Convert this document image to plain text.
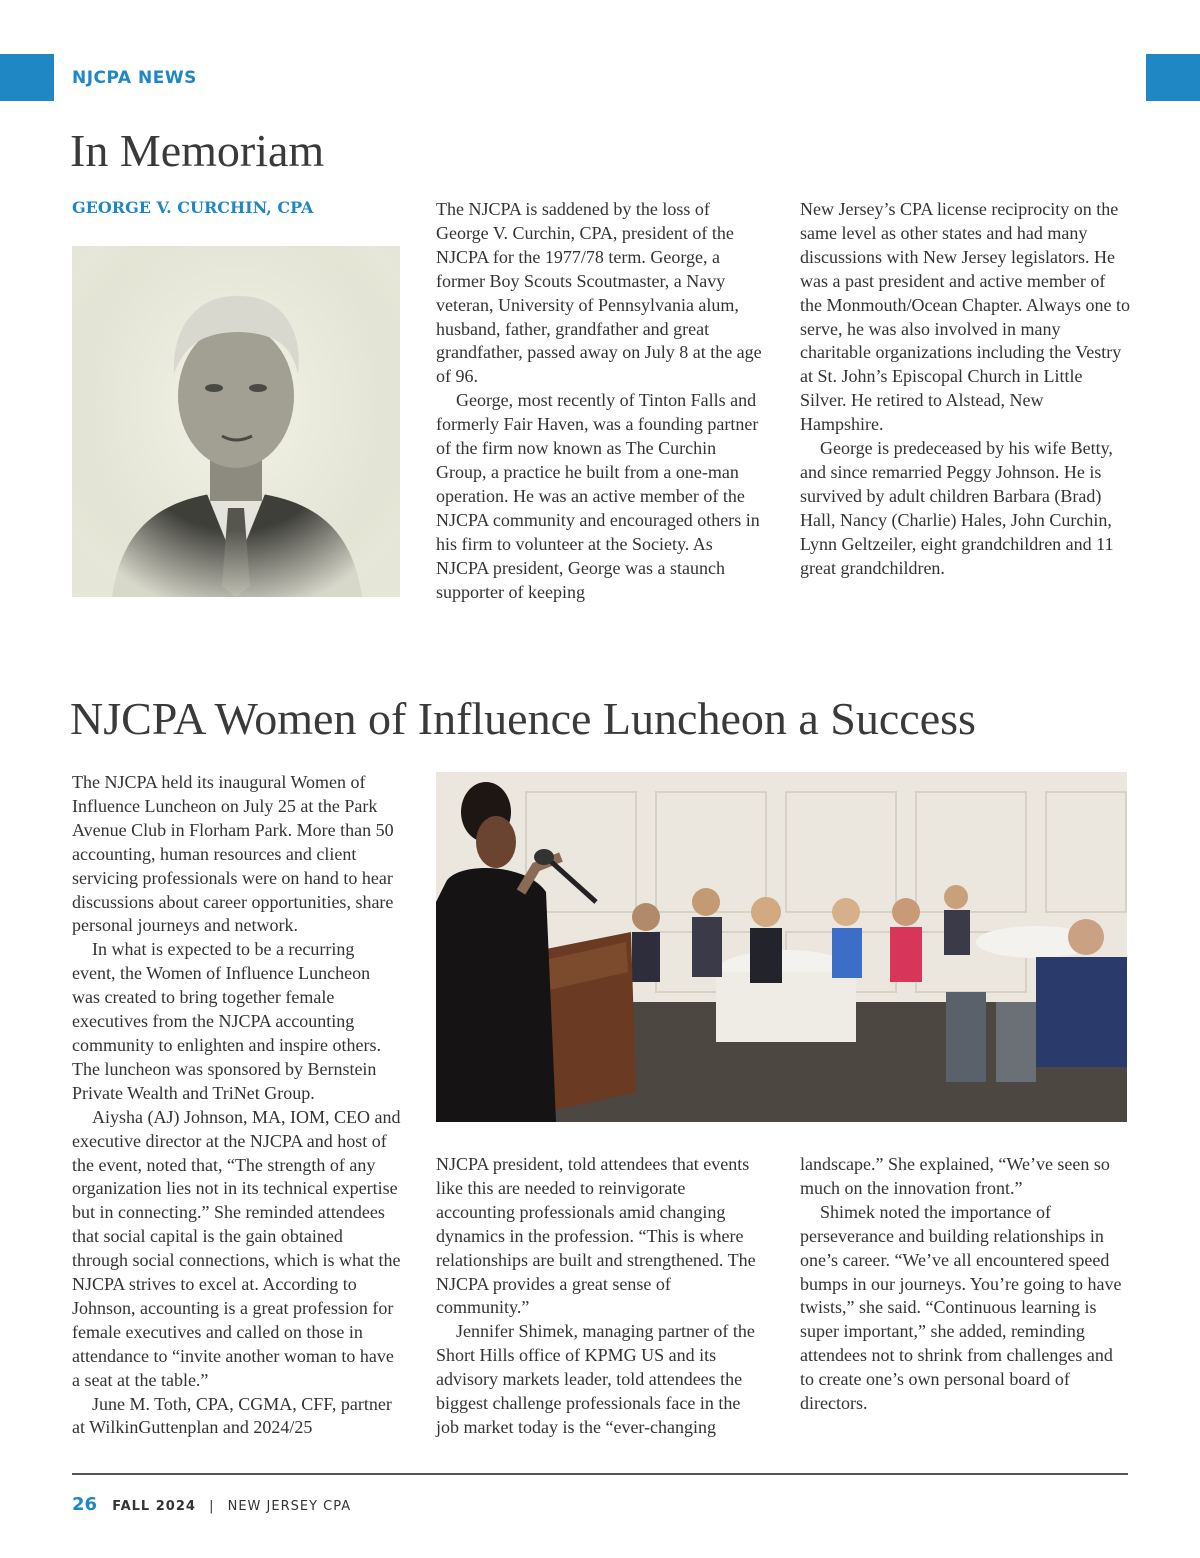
NJCPA NEWS
In Memoriam
GEORGE V. CURCHIN, CPA	The NJCPA is saddened by the loss of George V. Curchin, CPA, president of the NJCPA for the 1977/78 term. George, a former Boy Scouts Scoutmaster, a Navy veteran, University of Pennsylvania alum, husband, father, grandfather and great grandfather, passed away on July 8 at the age of 96.

George, most recently of Tinton Falls and formerly Fair Haven, was a founding partner of the firm now known as The Curchin Group, a practice he built from a one-man operation. He was an active member of the NJCPA community and encouraged others in his firm to volunteer at the Society. As NJCPA president, George was a staunch supporter of keeping

New Jersey’s CPA license reciprocity on the same level as other states and had many discussions with New Jersey legislators. He was a past president and active member of the Monmouth/Ocean Chapter. Always one to serve, he was also involved in many charitable organizations including the Vestry at St. John’s Episcopal Church in Little Silver. He retired to Alstead, New Hampshire.

George is predeceased by his wife Betty, and since remarried Peggy Johnson. He is survived by adult children Barbara (Brad) Hall, Nancy (Charlie) Hales, John Curchin, Lynn Geltzeiler, eight grandchildren and 11 great grandchildren.

NJCPA Women of Influence Luncheon a Success

The NJCPA held its inaugural Women of Influence Luncheon on July 25 at the Park Avenue Club in Florham Park. More than 50 accounting, human resources and client servicing professionals were on hand to hear discussions about career opportunities, share personal journeys and network.

In what is expected to be a recurring event, the Women of Influence Luncheon was created to bring together female executives from the NJCPA accounting community to enlighten and inspire others. The luncheon was sponsored by Bernstein Private Wealth and TriNet Group.

Aiysha (AJ) Johnson, MA, IOM, CEO and executive director at the NJCPA and host of the event, noted that, “The strength of any organization lies not in its technical expertise but in connecting.” She reminded attendees that social capital is the gain obtained through social connections, which is what the NJCPA strives to excel at. According to Johnson, accounting is a great profession for female executives and called on those in attendance to “invite another woman to have a seat at the table.”

June M. Toth, CPA, CGMA, CFF, partner at WilkinGuttenplan and 2024/25

NJCPA president, told attendees that events like this are needed to reinvigorate accounting professionals amid changing dynamics in the profession. “This is where relationships are built and strengthened. The NJCPA provides a great sense of community.”

Jennifer Shimek, managing partner of the Short Hills office of KPMG US and its advisory markets leader, told attendees the biggest challenge professionals face in the job market today is the “ever-changing

landscape.” She explained, “We’ve seen so much on the innovation front.”

Shimek noted the importance of perseverance and building relationships in one’s career. “We’ve all encountered speed bumps in our journeys. You’re going to have twists,” she said. “Continuous learning is super important,” she added, reminding attendees not to shrink from challenges and to create one’s own personal board of directors.

26 FALL 2024 | NEW JERSEY CPA
